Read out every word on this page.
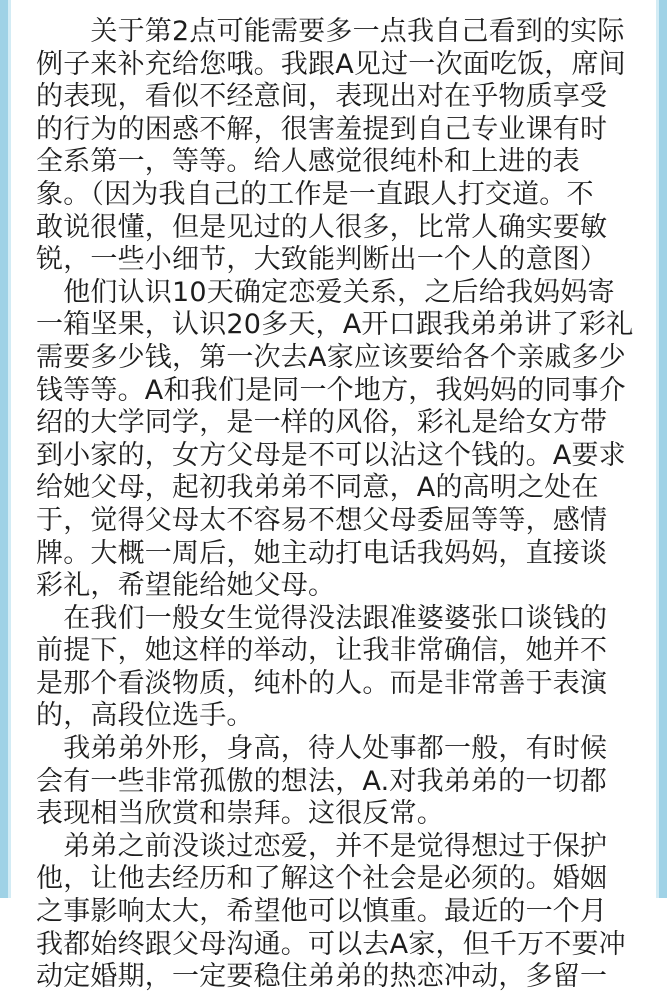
　　关于第2点可能需要多一点我自己看到的实际
例子来补充给您哦。我跟A见过一次面吃饭，席间
的表现，看似不经意间，表现出对在乎物质享受
的行为的困惑不解，很害羞提到自己专业课有时
全系第一，等等。给人感觉很纯朴和上进的表
象。（因为我自己的工作是一直跟人打交道。不
敢说很懂，但是见过的人很多，比常人确实要敏
锐，一些小细节，大致能判断出一个人的意图）
　他们认识10天确定恋爱关系，之后给我妈妈寄
一箱坚果，认识20多天，A开口跟我弟弟讲了彩礼
需要多少钱，第一次去A家应该要给各个亲戚多少
钱等等。A和我们是同一个地方，我妈妈的同事介
绍的大学同学，是一样的风俗，彩礼是给女方带
到小家的，女方父母是不可以沾这个钱的。A要求
给她父母，起初我弟弟不同意，A的高明之处在
于，觉得父母太不容易不想父母委屈等等，感情
牌。大概一周后，她主动打电话我妈妈，直接谈
彩礼，希望能给她父母。
　在我们一般女生觉得没法跟准婆婆张口谈钱的
前提下，她这样的举动，让我非常确信，她并不
是那个看淡物质，纯朴的人。而是非常善于表演
的，高段位选手。
　我弟弟外形，身高，待人处事都一般，有时候
会有一些非常孤傲的想法，A.对我弟弟的一切都
表现相当欣赏和崇拜。这很反常。
　弟弟之前没谈过恋爱，并不是觉得想过于保护
他，让他去经历和了解这个社会是必须的。婚姻
之事影响太大，希望他可以慎重。最近的一个月
我都始终跟父母沟通。可以去A家，但千万不要冲
动定婚期，一定要稳住弟弟的热恋冲动，多留一
